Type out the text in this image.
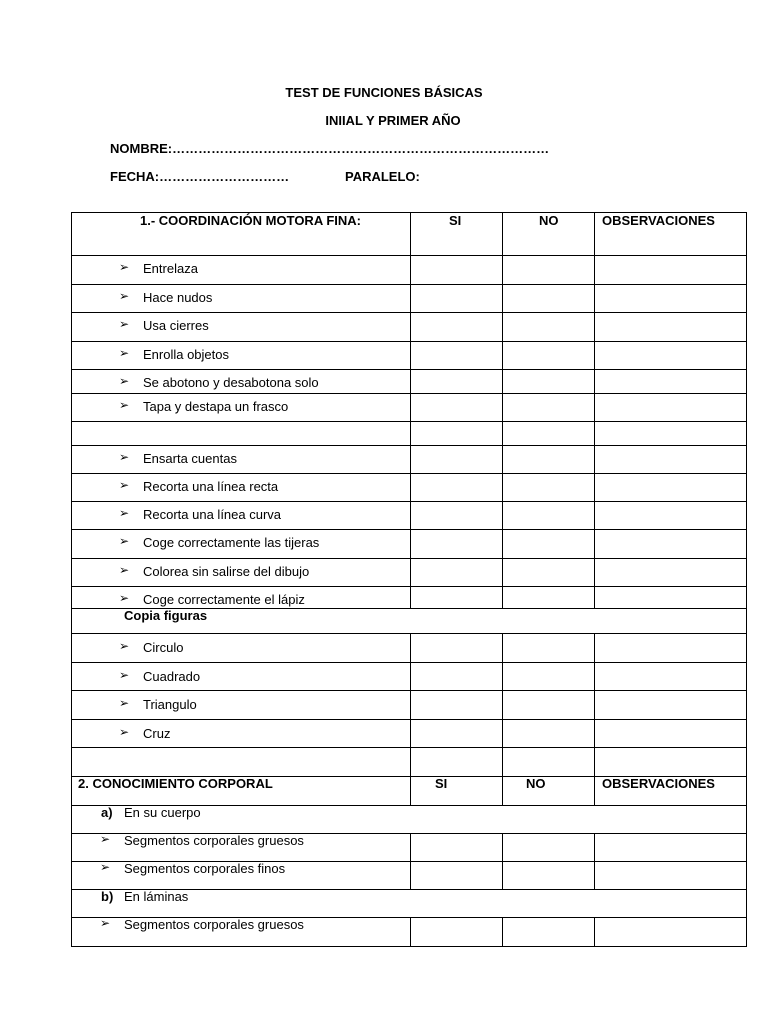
TEST DE FUNCIONES BÁSICAS
INIIAL Y PRIMER AÑO
NOMBRE:……………………………………………………………………………
FECHA:…………………………	PARALELO:
1.- COORDINACIÓN MOTORA FINA:	SI	NO	OBSERVACIONES
➢ Entrelaza
➢ Hace nudos
➢ Usa cierres
➢ Enrolla objetos
➢ Se abotono y desabotona solo
➢ Tapa y destapa un frasco
➢ Ensarta cuentas
➢ Recorta una línea recta
➢ Recorta una línea curva
➢ Coge correctamente las tijeras
➢ Colorea sin salirse del dibujo
➢ Coge correctamente el lápiz
Copia figuras
➢ Circulo
➢ Cuadrado
➢ Triangulo
➢ Cruz
2. CONOCIMIENTO CORPORAL	SI	NO	OBSERVACIONES
a) En su cuerpo
➢ Segmentos corporales gruesos
➢ Segmentos corporales finos
b) En láminas
➢ Segmentos corporales gruesos
